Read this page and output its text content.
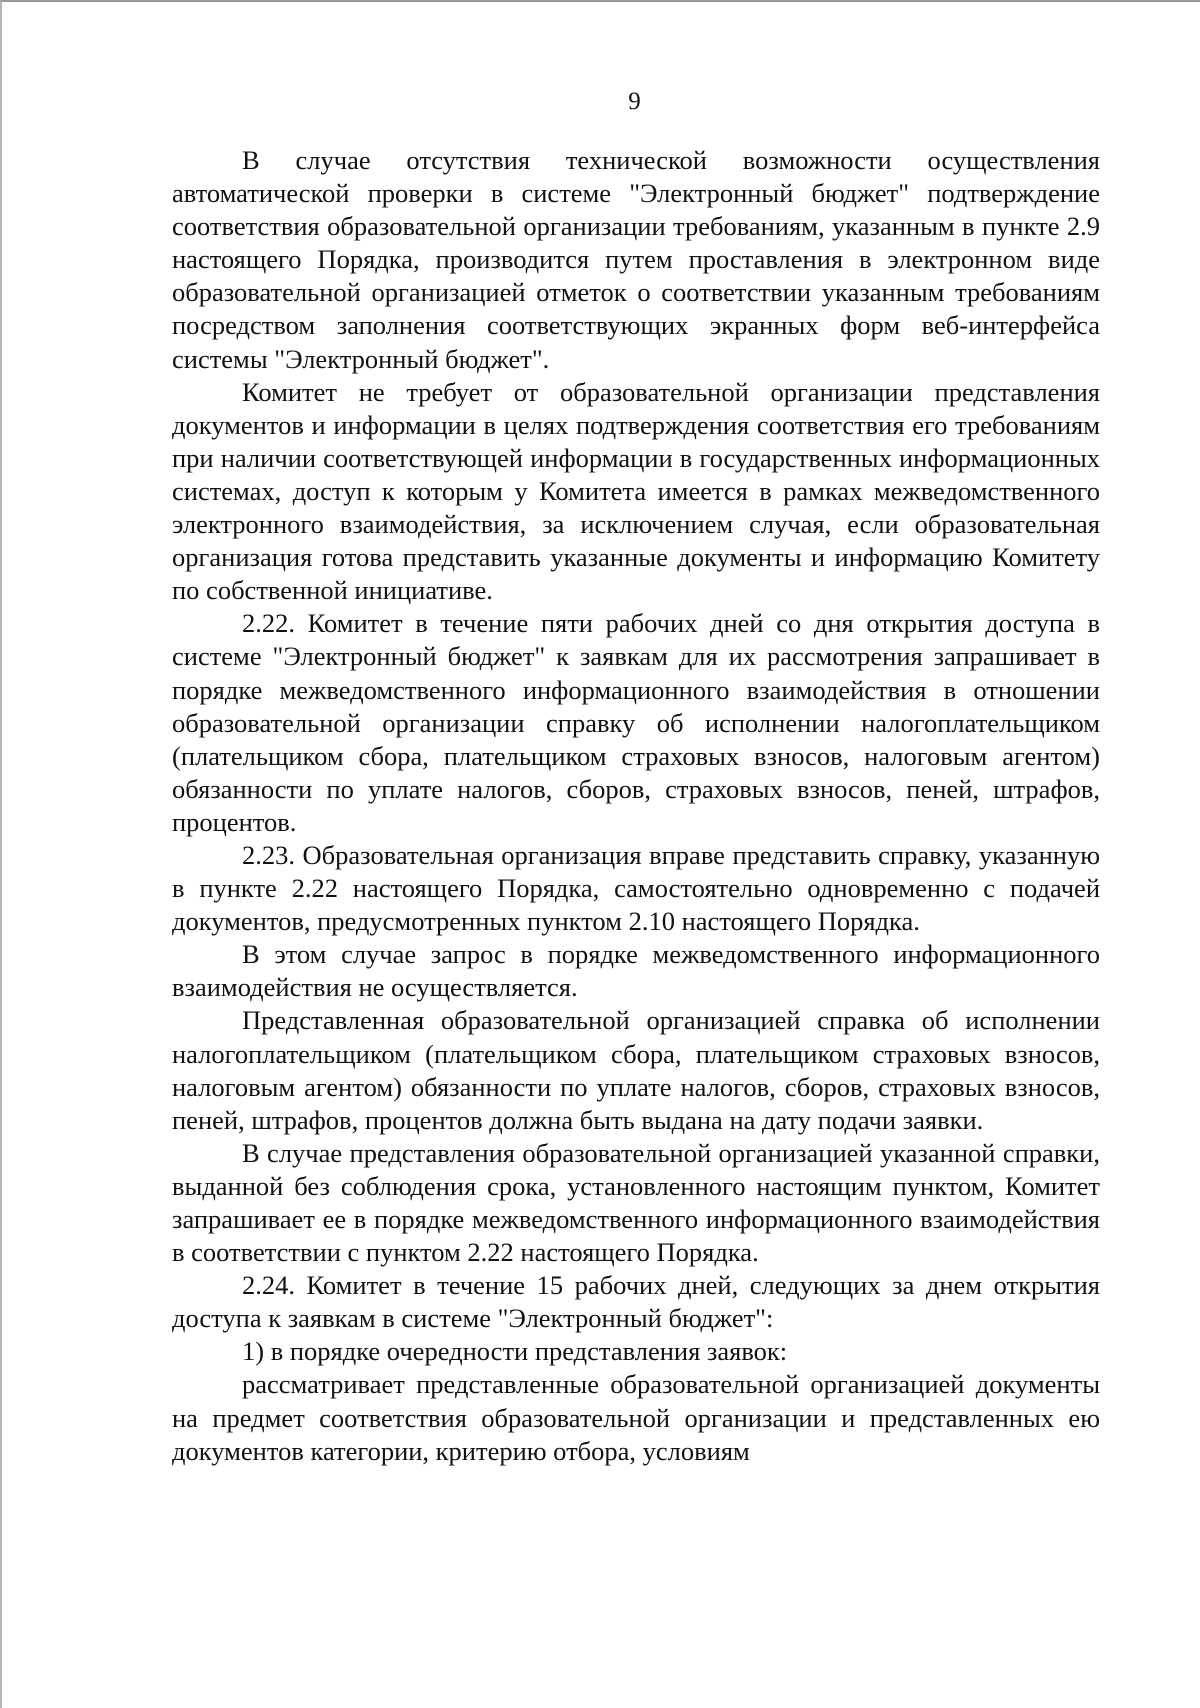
9

В случае отсутствия технической возможности осуществления автоматической проверки в системе "Электронный бюджет" подтверждение соответствия образовательной организации требованиям, указанным в пункте 2.9 настоящего Порядка, производится путем проставления в электронном виде образовательной организацией отметок о соответствии указанным требованиям посредством заполнения соответствующих экранных форм веб-интерфейса системы "Электронный бюджет".

Комитет не требует от образовательной организации представления документов и информации в целях подтверждения соответствия его требованиям при наличии соответствующей информации в государственных информационных системах, доступ к которым у Комитета имеется в рамках межведомственного электронного взаимодействия, за исключением случая, если образовательная организация готова представить указанные документы и информацию Комитету по собственной инициативе.

2.22. Комитет в течение пяти рабочих дней со дня открытия доступа в системе "Электронный бюджет" к заявкам для их рассмотрения запрашивает в порядке межведомственного информационного взаимодействия в отношении образовательной организации справку об исполнении налогоплательщиком (плательщиком сбора, плательщиком страховых взносов, налоговым агентом) обязанности по уплате налогов, сборов, страховых взносов, пеней, штрафов, процентов.

2.23. Образовательная организация вправе представить справку, указанную в пункте 2.22 настоящего Порядка, самостоятельно одновременно с подачей документов, предусмотренных пунктом 2.10 настоящего Порядка.

В этом случае запрос в порядке межведомственного информационного взаимодействия не осуществляется.

Представленная образовательной организацией справка об исполнении налогоплательщиком (плательщиком сбора, плательщиком страховых взносов, налоговым агентом) обязанности по уплате налогов, сборов, страховых взносов, пеней, штрафов, процентов должна быть выдана на дату подачи заявки.

В случае представления образовательной организацией указанной справки, выданной без соблюдения срока, установленного настоящим пунктом, Комитет запрашивает ее в порядке межведомственного информационного взаимодействия в соответствии с пунктом 2.22 настоящего Порядка.

2.24. Комитет в течение 15 рабочих дней, следующих за днем открытия доступа к заявкам в системе "Электронный бюджет":

1) в порядке очередности представления заявок:

рассматривает представленные образовательной организацией документы на предмет соответствия образовательной организации и представленных ею документов категории, критерию отбора, условиям
